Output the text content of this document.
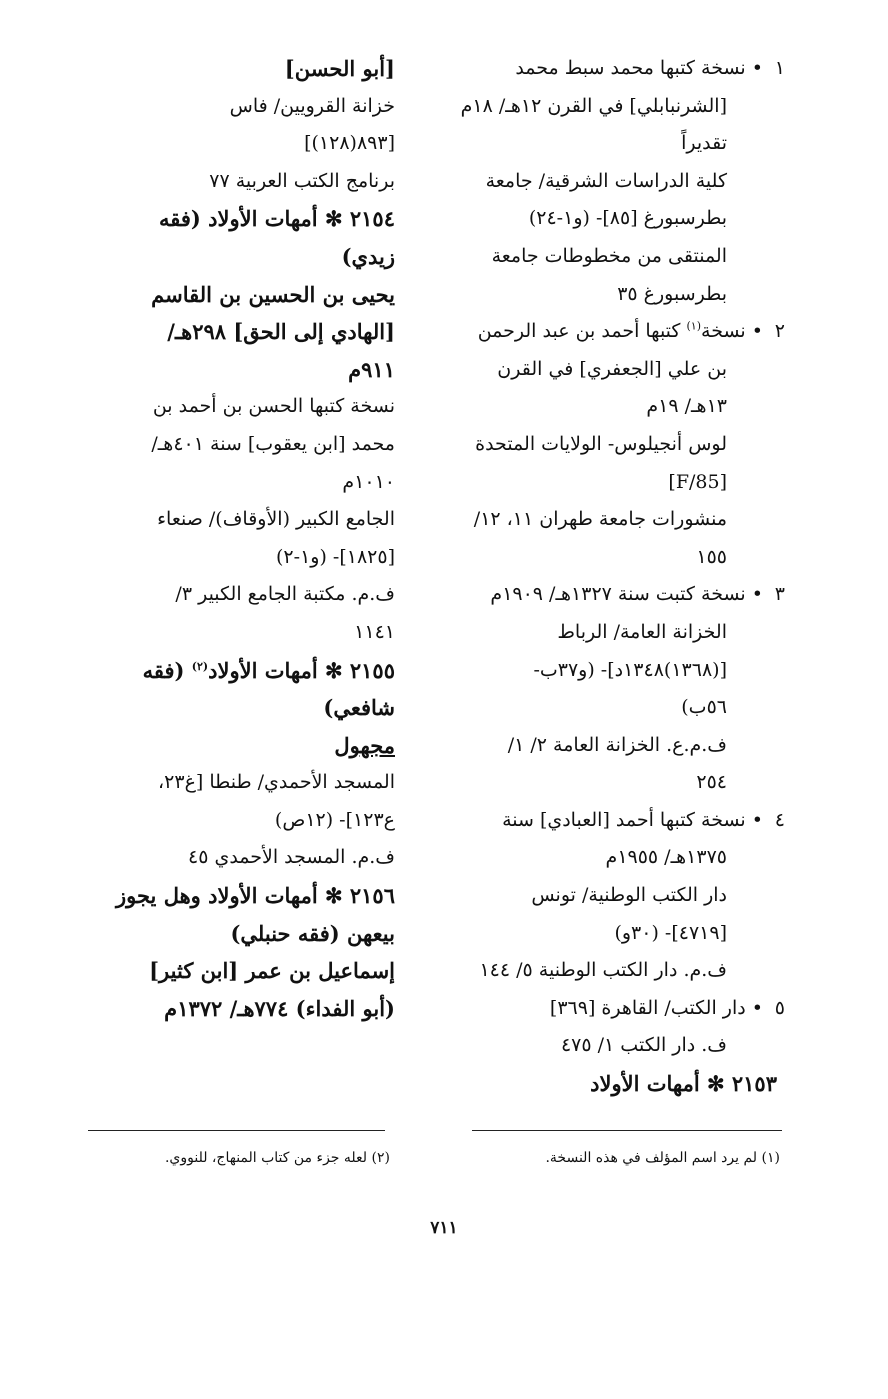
١ • نسخة كتبها محمد سبط محمد
[الشرنبابلي] في القرن ١٢هـ/ ١٨م
تقديراً
كلية الدراسات الشرقية/ جامعة
بطرسبورغ [٨٥]- (و١-٢٤)
المنتقى من مخطوطات جامعة
بطرسبورغ ٣٥
٢ • نسخة$^{(١)}$ كتبها أحمد بن عبد الرحمن
بن علي [الجعفري] في القرن
١٣هـ/ ١٩م
لوس أنجيلوس- الولايات المتحدة
[F/85]
منشورات جامعة طهران ١١، ١٢/
١٥٥
٣ • نسخة كتبت سنة ١٣٢٧هـ/ ١٩٠٩م
الخزانة العامة/ الرباط
[(١٣٦٨)١٣٤٨د]- (و٣٧ب-
٥٦ب)
ف.م.ع. الخزانة العامة ٢/ ١/
٢٥٤
٤ • نسخة كتبها أحمد [العبادي] سنة
١٣٧٥هـ/ ١٩٥٥م
دار الكتب الوطنية/ تونس
[٤٧١٩]- (٣٠و)
ف.م. دار الكتب الوطنية ٥/ ١٤٤
٥ • دار الكتب/ القاهرة [٣٦٩]
ف. دار الكتب ١/ ٤٧٥
٢١٥٣ ✻ أمهات الأولاد
[أبو الحسن]
خزانة القرويين/ فاس
[٨٩٣(١٢٨)]
برنامج الكتب العربية ٧٧
٢١٥٤ ✻ أمهات الأولاد (فقه
زيدي)
يحيى بن الحسين بن القاسم
[الهادي إلى الحق] ٢٩٨هـ/
٩١١م
نسخة كتبها الحسن بن أحمد بن
محمد [ابن يعقوب] سنة ٤٠١هـ/
١٠١٠م
الجامع الكبير (الأوقاف)/ صنعاء
[١٨٢٥]- (و١-٢)
ف.م. مكتبة الجامع الكبير ٣/
١١٤١
٢١٥٥ ✻ أمهات الأولاد$^{(٢)}$ (فقه
شافعي)
مجهول
المسجد الأحمدي/ طنطا [غ٢٣،
ع١٢٣]- (١٢ص)
ف.م. المسجد الأحمدي ٤٥
٢١٥٦ ✻ أمهات الأولاد وهل يجوز
بيعهن (فقه حنبلي)
إسماعيل بن عمر [ابن كثير]
(أبو الفداء) ٧٧٤هـ/ ١٣٧٢م
(١) لم يرد اسم المؤلف في هذه النسخة.
(٢) لعله جزء من كتاب المنهاج، للنووي.
٧١١
